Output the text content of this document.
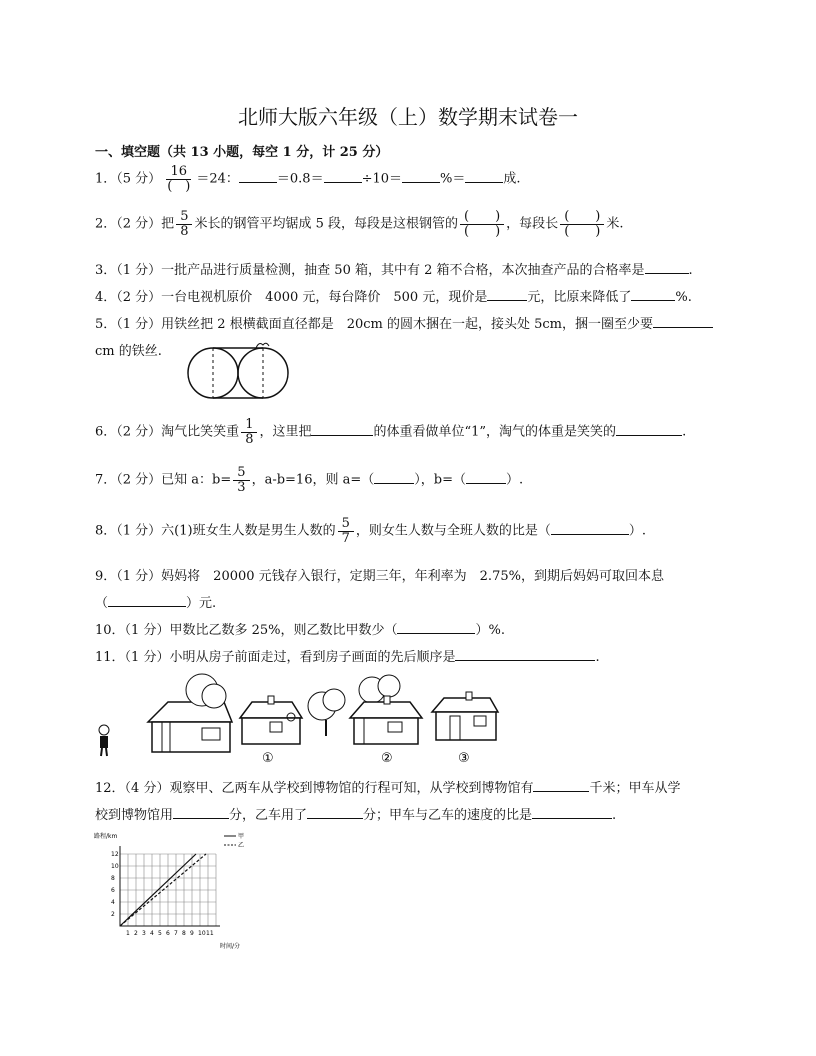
北师大版六年级（上）数学期末试卷一
一、填空题（共 13 小题，每空 1 分，计 25 分）
1．（5 分） $\frac{16}{( )} =24$：	＝0.8＝	÷10＝	%＝	成.
2．（2 分）把 $\frac{5}{8}$ 米长的钢管平均锯成 5 段，每段是这根钢管的 $\frac{( )}{( )}$ ，每段长 $\frac{( )}{( )}$ 米.
3．（1 分）一批产品进行质量检测，抽查 50 箱，其中有 2 箱不合格，本次抽查产品的合格率是	.
4．（2 分）一台电视机原价　4000 元，每台降价　500 元，现价是	元，比原来降低了	%.
5．（1 分）用铁丝把 2 根横截面直径都是　20cm 的圆木捆在一起，接头处 5cm，捆一圈至少要
cm 的铁丝.
6．（2 分）淘气比笑笑重 $\frac{1}{8}$ ，这里把	的体重看做单位“1”，淘气的体重是笑笑的	.
7．（2 分）已知 a：$b= \frac{5}{3}$ ，a-b=16，则 a=（	），b=（	）.
8．（1 分）六(1)班女生人数是男生人数的 $\frac{5}{7}$ ，则女生人数与全班人数的比是（	）.
9．（1 分）妈妈将　20000 元钱存入银行，定期三年，年利率为　2.75%，到期后妈妈可取回本息
（	）元.
10．（1 分）甲数比乙数多 25%，则乙数比甲数少（	）%.
11．（1 分）小明从房子前面走过，看到房子画面的先后顺序是	.
①	②	③
12．（4 分）观察甲、乙两车从学校到博物馆的行程可知，从学校到博物馆有	千米；甲车从学
校到博物馆用	分，乙车用了	分；甲车与乙车的速度的比是	.
路程/km
时间/分
甲
乙
2
4
6
8
10
12
1 2 3 4 5 6 7 8 9 10 11
